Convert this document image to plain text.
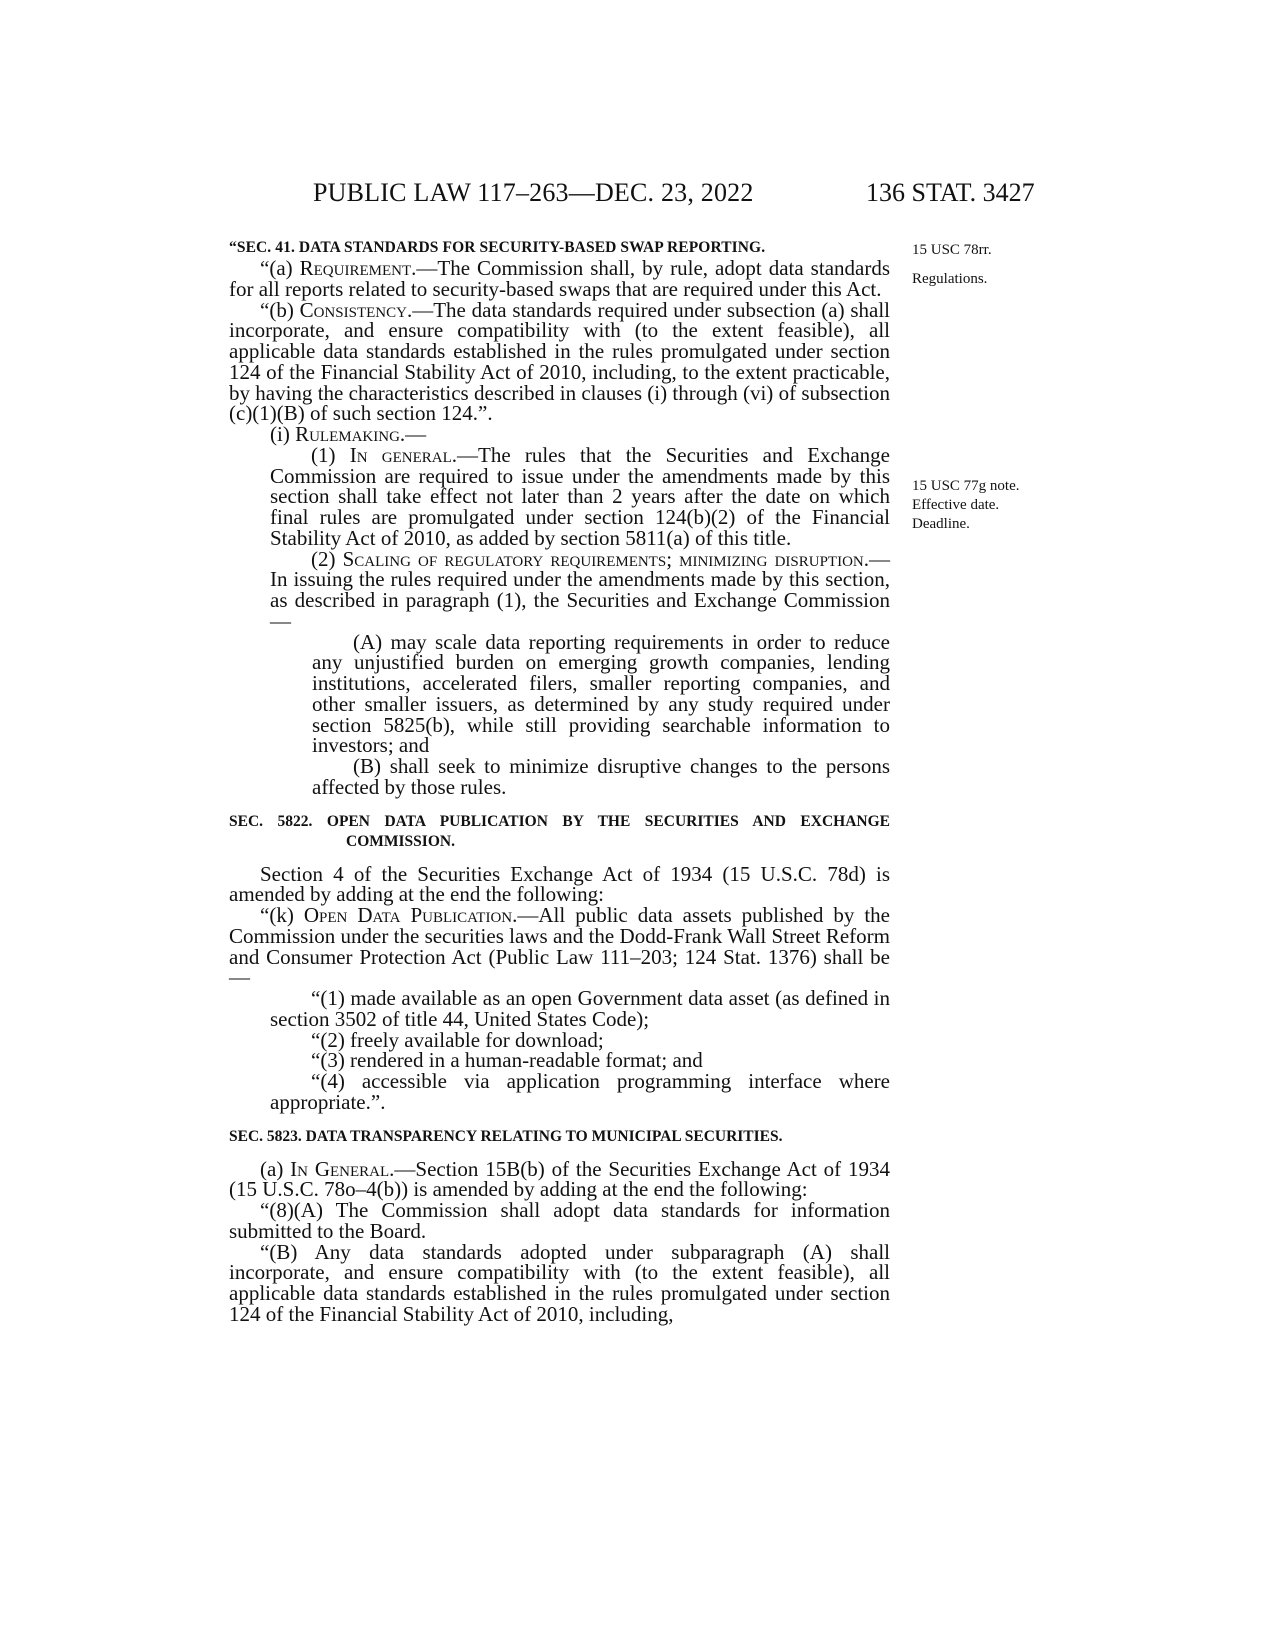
PUBLIC LAW 117–263—DEC. 23, 2022	136 STAT. 3427
15 USC 78rr.
Regulations.
15 USC 77g note.
Effective date.
Deadline.

“SEC. 41. DATA STANDARDS FOR SECURITY-BASED SWAP REPORTING.

“(a) Requirement.—The Commission shall, by rule, adopt data standards for all reports related to security-based swaps that are required under this Act.

“(b) Consistency.—The data standards required under subsection (a) shall incorporate, and ensure compatibility with (to the extent feasible), all applicable data standards established in the rules promulgated under section 124 of the Financial Stability Act of 2010, including, to the extent practicable, by having the characteristics described in clauses (i) through (vi) of subsection (c)(1)(B) of such section 124.”.

(i) Rulemaking.—

(1) In general.—The rules that the Securities and Exchange Commission are required to issue under the amendments made by this section shall take effect not later than 2 years after the date on which final rules are promulgated under section 124(b)(2) of the Financial Stability Act of 2010, as added by section 5811(a) of this title.

(2) Scaling of regulatory requirements; minimizing disruption.—In issuing the rules required under the amendments made by this section, as described in paragraph (1), the Securities and Exchange Commission—

(A) may scale data reporting requirements in order to reduce any unjustified burden on emerging growth companies, lending institutions, accelerated filers, smaller reporting companies, and other smaller issuers, as determined by any study required under section 5825(b), while still providing searchable information to investors; and

(B) shall seek to minimize disruptive changes to the persons affected by those rules.

SEC. 5822. OPEN DATA PUBLICATION BY THE SECURITIES AND EXCHANGE COMMISSION.

Section 4 of the Securities Exchange Act of 1934 (15 U.S.C. 78d) is amended by adding at the end the following:

“(k) Open Data Publication.—All public data assets published by the Commission under the securities laws and the Dodd-Frank Wall Street Reform and Consumer Protection Act (Public Law 111–203; 124 Stat. 1376) shall be—

“(1) made available as an open Government data asset (as defined in section 3502 of title 44, United States Code);

“(2) freely available for download;

“(3) rendered in a human-readable format; and

“(4) accessible via application programming interface where appropriate.”.

SEC. 5823. DATA TRANSPARENCY RELATING TO MUNICIPAL SECURITIES.

(a) In General.—Section 15B(b) of the Securities Exchange Act of 1934 (15 U.S.C. 78o–4(b)) is amended by adding at the end the following:

“(8)(A) The Commission shall adopt data standards for information submitted to the Board.

“(B) Any data standards adopted under subparagraph (A) shall incorporate, and ensure compatibility with (to the extent feasible), all applicable data standards established in the rules promulgated under section 124 of the Financial Stability Act of 2010, including,
